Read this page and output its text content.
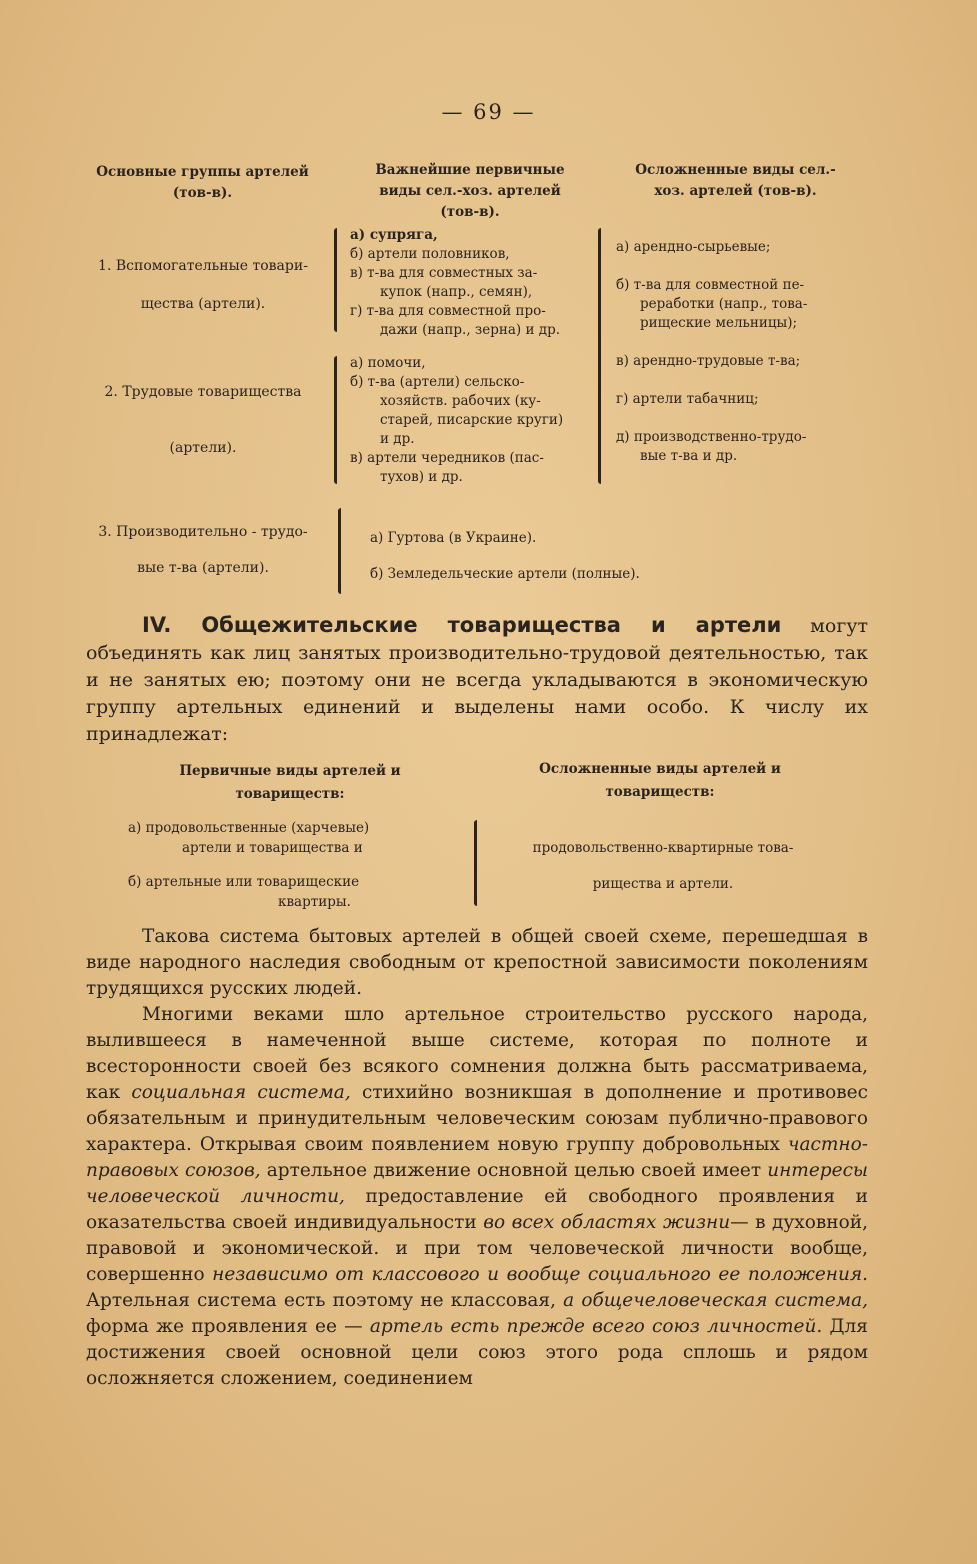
— 69 —
Основные группы артелей
(тов-в).
Важнейшие первичные
виды сел.-хоз. артелей
(тов-в).
Осложненные виды сел.-
хоз. артелей (тов-в).
1. Вспомогательные товари-
щества (артели).
а) супряга,
б) артели половников,
в) т-ва для совместных за-
купок (напр., семян),
г) т-ва для совместной про-
дажи (напр., зерна) и др.
2. Трудовые товарищества
(артели).
а) помочи,
б) т-ва (артели) сельско-
хозяйств. рабочих (ку-
старей, писарские круги)
и др.
в) артели чередников (пас-
тухов) и др.
а) арендно-сырьевые;
б) т-ва для совместной пе-
реработки (напр., това-
рищеские мельницы);
в) арендно-трудовые т-ва;
г) артели табачниц;
д) производственно-трудо-
вые т-ва и др.
3. Производительно - трудо-
вые т-ва (артели).
а) Гуртова (в Украине).
б) Земледельческие артели (полные).
IV. Общежительские товарищества и артели могут объединять как лиц занятых производительно-трудовой деятельностью, так и не занятых ею; поэтому они не всегда укладываются в экономическую группу артельных единений и выделены нами особо. К числу их принадлежат:
Первичные виды артелей и
товариществ:
Осложненные виды артелей и
товариществ:
а) продовольственные (харчевые)
артели и товарищества и
б) артельные или товарищеские
квартиры.
продовольственно-квартирные това-
рищества и артели.

Такова система бытовых артелей в общей своей схеме, перешедшая в виде народного наследия свободным от крепостной зависимости поколениям трудящихся русских людей.

Многими веками шло артельное строительство русского народа, вылившееся в намеченной выше системе, которая по полноте и всесторонности своей без всякого сомнения должна быть рассматриваема, как социальная система, стихийно возникшая в дополнение и противовес обязательным и принудительным человеческим союзам публично-правового характера. Открывая своим появлением новую группу добровольных частно-правовых союзов, артельное движение основной целью своей имеет интересы человеческой личности, предоставление ей свободного проявления и оказательства своей индивидуальности во всех областях жизни— в духовной, правовой и экономической. и при том человеческой личности вообще, совершенно независимо от классового и вообще социального ее положения. Артельная система есть поэтому не классовая, а общечеловеческая система, форма же проявления ее — артель есть прежде всего союз личностей. Для достижения своей основной цели союз этого рода сплошь и рядом осложняется сложением, соединением
